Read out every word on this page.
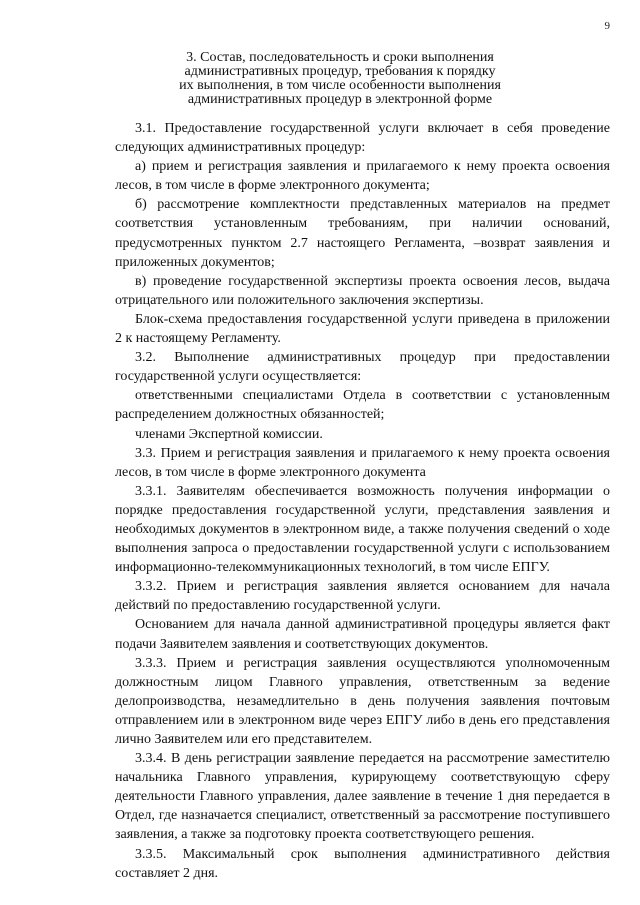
9
3. Состав, последовательность и сроки выполнения
административных процедур, требования к порядку
их выполнения, в том числе особенности выполнения
административных процедур в электронной форме

3.1. Предоставление государственной услуги включает в себя проведение следующих административных процедур:

а) прием и регистрация заявления и прилагаемого к нему проекта освоения лесов, в том числе в форме электронного документа;

б) рассмотрение комплектности представленных материалов на предмет соответствия установленным требованиям, при наличии оснований, предусмотренных пунктом 2.7 настоящего Регламента, –возврат заявления и приложенных документов;

в) проведение государственной экспертизы проекта освоения лесов, выдача отрицательного или положительного заключения экспертизы.

Блок-схема предоставления государственной услуги приведена в приложении 2 к настоящему Регламенту.

3.2. Выполнение административных процедур при предоставлении государственной услуги осуществляется:

ответственными специалистами Отдела в соответствии с установленным распределением должностных обязанностей;

членами Экспертной комиссии.

3.3. Прием и регистрация заявления и прилагаемого к нему проекта освоения лесов, в том числе в форме электронного документа

3.3.1. Заявителям обеспечивается возможность получения информации о порядке предоставления государственной услуги, представления заявления и необходимых документов в электронном виде, а также получения сведений о ходе выполнения запроса о предоставлении государственной услуги с использованием информационно-телекоммуникационных технологий, в том числе ЕПГУ.

3.3.2. Прием и регистрация заявления является основанием для начала действий по предоставлению государственной услуги.

Основанием для начала данной административной процедуры является факт подачи Заявителем заявления и соответствующих документов.

3.3.3. Прием и регистрация заявления осуществляются уполномоченным должностным лицом Главного управления, ответственным за ведение делопроизводства, незамедлительно в день получения заявления почтовым отправлением или в электронном виде через ЕПГУ либо в день его представления лично Заявителем или его представителем.

3.3.4. В день регистрации заявление передается на рассмотрение заместителю начальника Главного управления, курирующему соответствующую сферу деятельности Главного управления, далее заявление в течение 1 дня передается в Отдел, где назначается специалист, ответственный за рассмотрение поступившего заявления, а также за подготовку проекта соответствующего решения.

3.3.5. Максимальный срок выполнения административного действия составляет 2 дня.
